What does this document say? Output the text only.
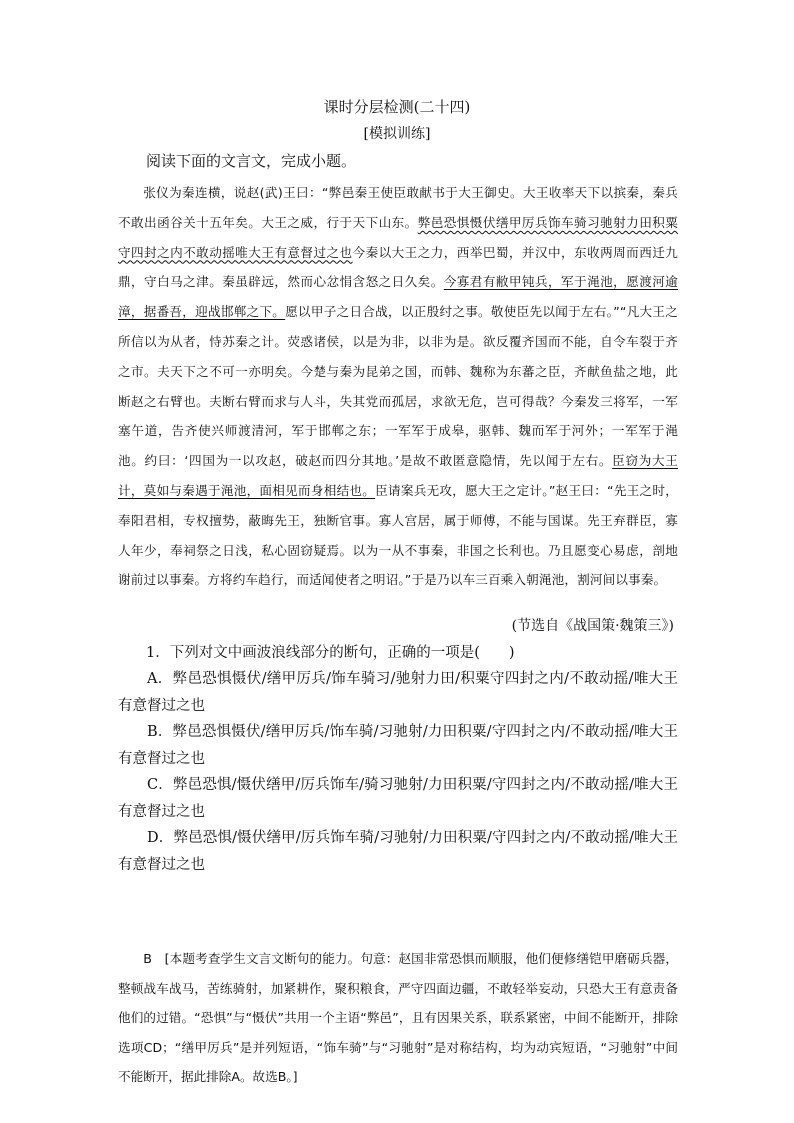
课时分层检测(二十四)
[模拟训练]
阅读下面的文言文，完成小题。
张仪为秦连横，说赵(武)王曰：“弊邑秦王使臣敢献书于大王御史。大王收率天下以摈秦，秦兵不敢出函谷关十五年矣。大王之威，行于天下山东。弊邑恐惧慑伏缮甲厉兵饰车骑习驰射力田积粟守四封之内不敢动摇唯大王有意督过之也今秦以大王之力，西举巴蜀，并汉中，东收两周而西迁九鼎，守白马之津。秦虽辟远，然而心忿悁含怒之日久矣。今寡君有敝甲钝兵，军于渑池，愿渡河逾漳，据番吾，迎战邯郸之下。愿以甲子之日合战，以正殷纣之事。敬使臣先以闻于左右。”“凡大王之所信以为从者，恃苏秦之计。荧惑诸侯，以是为非，以非为是。欲反覆齐国而不能，自令车裂于齐之市。夫天下之不可一亦明矣。今楚与秦为昆弟之国，而韩、魏称为东蕃之臣，齐献鱼盐之地，此断赵之右臂也。夫断右臂而求与人斗，失其党而孤居，求欲无危，岂可得哉？今秦发三将军，一军塞午道，告齐使兴师渡清河，军于邯郸之东；一军军于成皋，驱韩、魏而军于河外；一军军于渑池。约曰：‘四国为一以攻赵，破赵而四分其地。’是故不敢匿意隐情，先以闻于左右。臣窃为大王计，莫如与秦遇于渑池，面相见而身相结也。臣请案兵无攻，愿大王之定计。”赵王曰：“先王之时，奉阳君相，专权擅势，蔽晦先王，独断官事。寡人宫居，属于师傅，不能与国谋。先王弃群臣，寡人年少，奉祠祭之日浅，私心固窃疑焉。以为一从不事秦，非国之长利也。乃且愿变心易虑，剖地谢前过以事秦。方将约车趋行，而适闻使者之明诏。”于是乃以车三百乘入朝渑池，割河间以事秦。
(节选自《战国策·魏策三》)
1．下列对文中画波浪线部分的断句，正确的一项是(　　)

A．弊邑恐惧慑伏/缮甲厉兵/饰车骑习/驰射力田/积粟守四封之内/不敢动摇/唯大王有意督过之也

B．弊邑恐惧慑伏/缮甲厉兵/饰车骑/习驰射/力田积粟/守四封之内/不敢动摇/唯大王有意督过之也

C．弊邑恐惧/慑伏缮甲/厉兵饰车/骑习驰射/力田积粟/守四封之内/不敢动摇/唯大王有意督过之也

D．弊邑恐惧/慑伏缮甲/厉兵饰车骑/习驰射/力田积粟/守四封之内/不敢动摇/唯大王有意督过之也

B　 [本题考查学生文言文断句的能力。句意：赵国非常恐惧而顺服，他们便修缮铠甲磨砺兵器，整顿战车战马，苦练骑射，加紧耕作，聚积粮食，严守四面边疆，不敢轻举妄动，只恐大王有意责备他们的过错。“恐惧”与“慑伏”共用一个主语“弊邑”，且有因果关系，联系紧密，中间不能断开，排除选项CD；“缮甲厉兵”是并列短语，“饰车骑”与“习驰射”是对称结构，均为动宾短语，“习驰射”中间不能断开，据此排除A。故选B。]
